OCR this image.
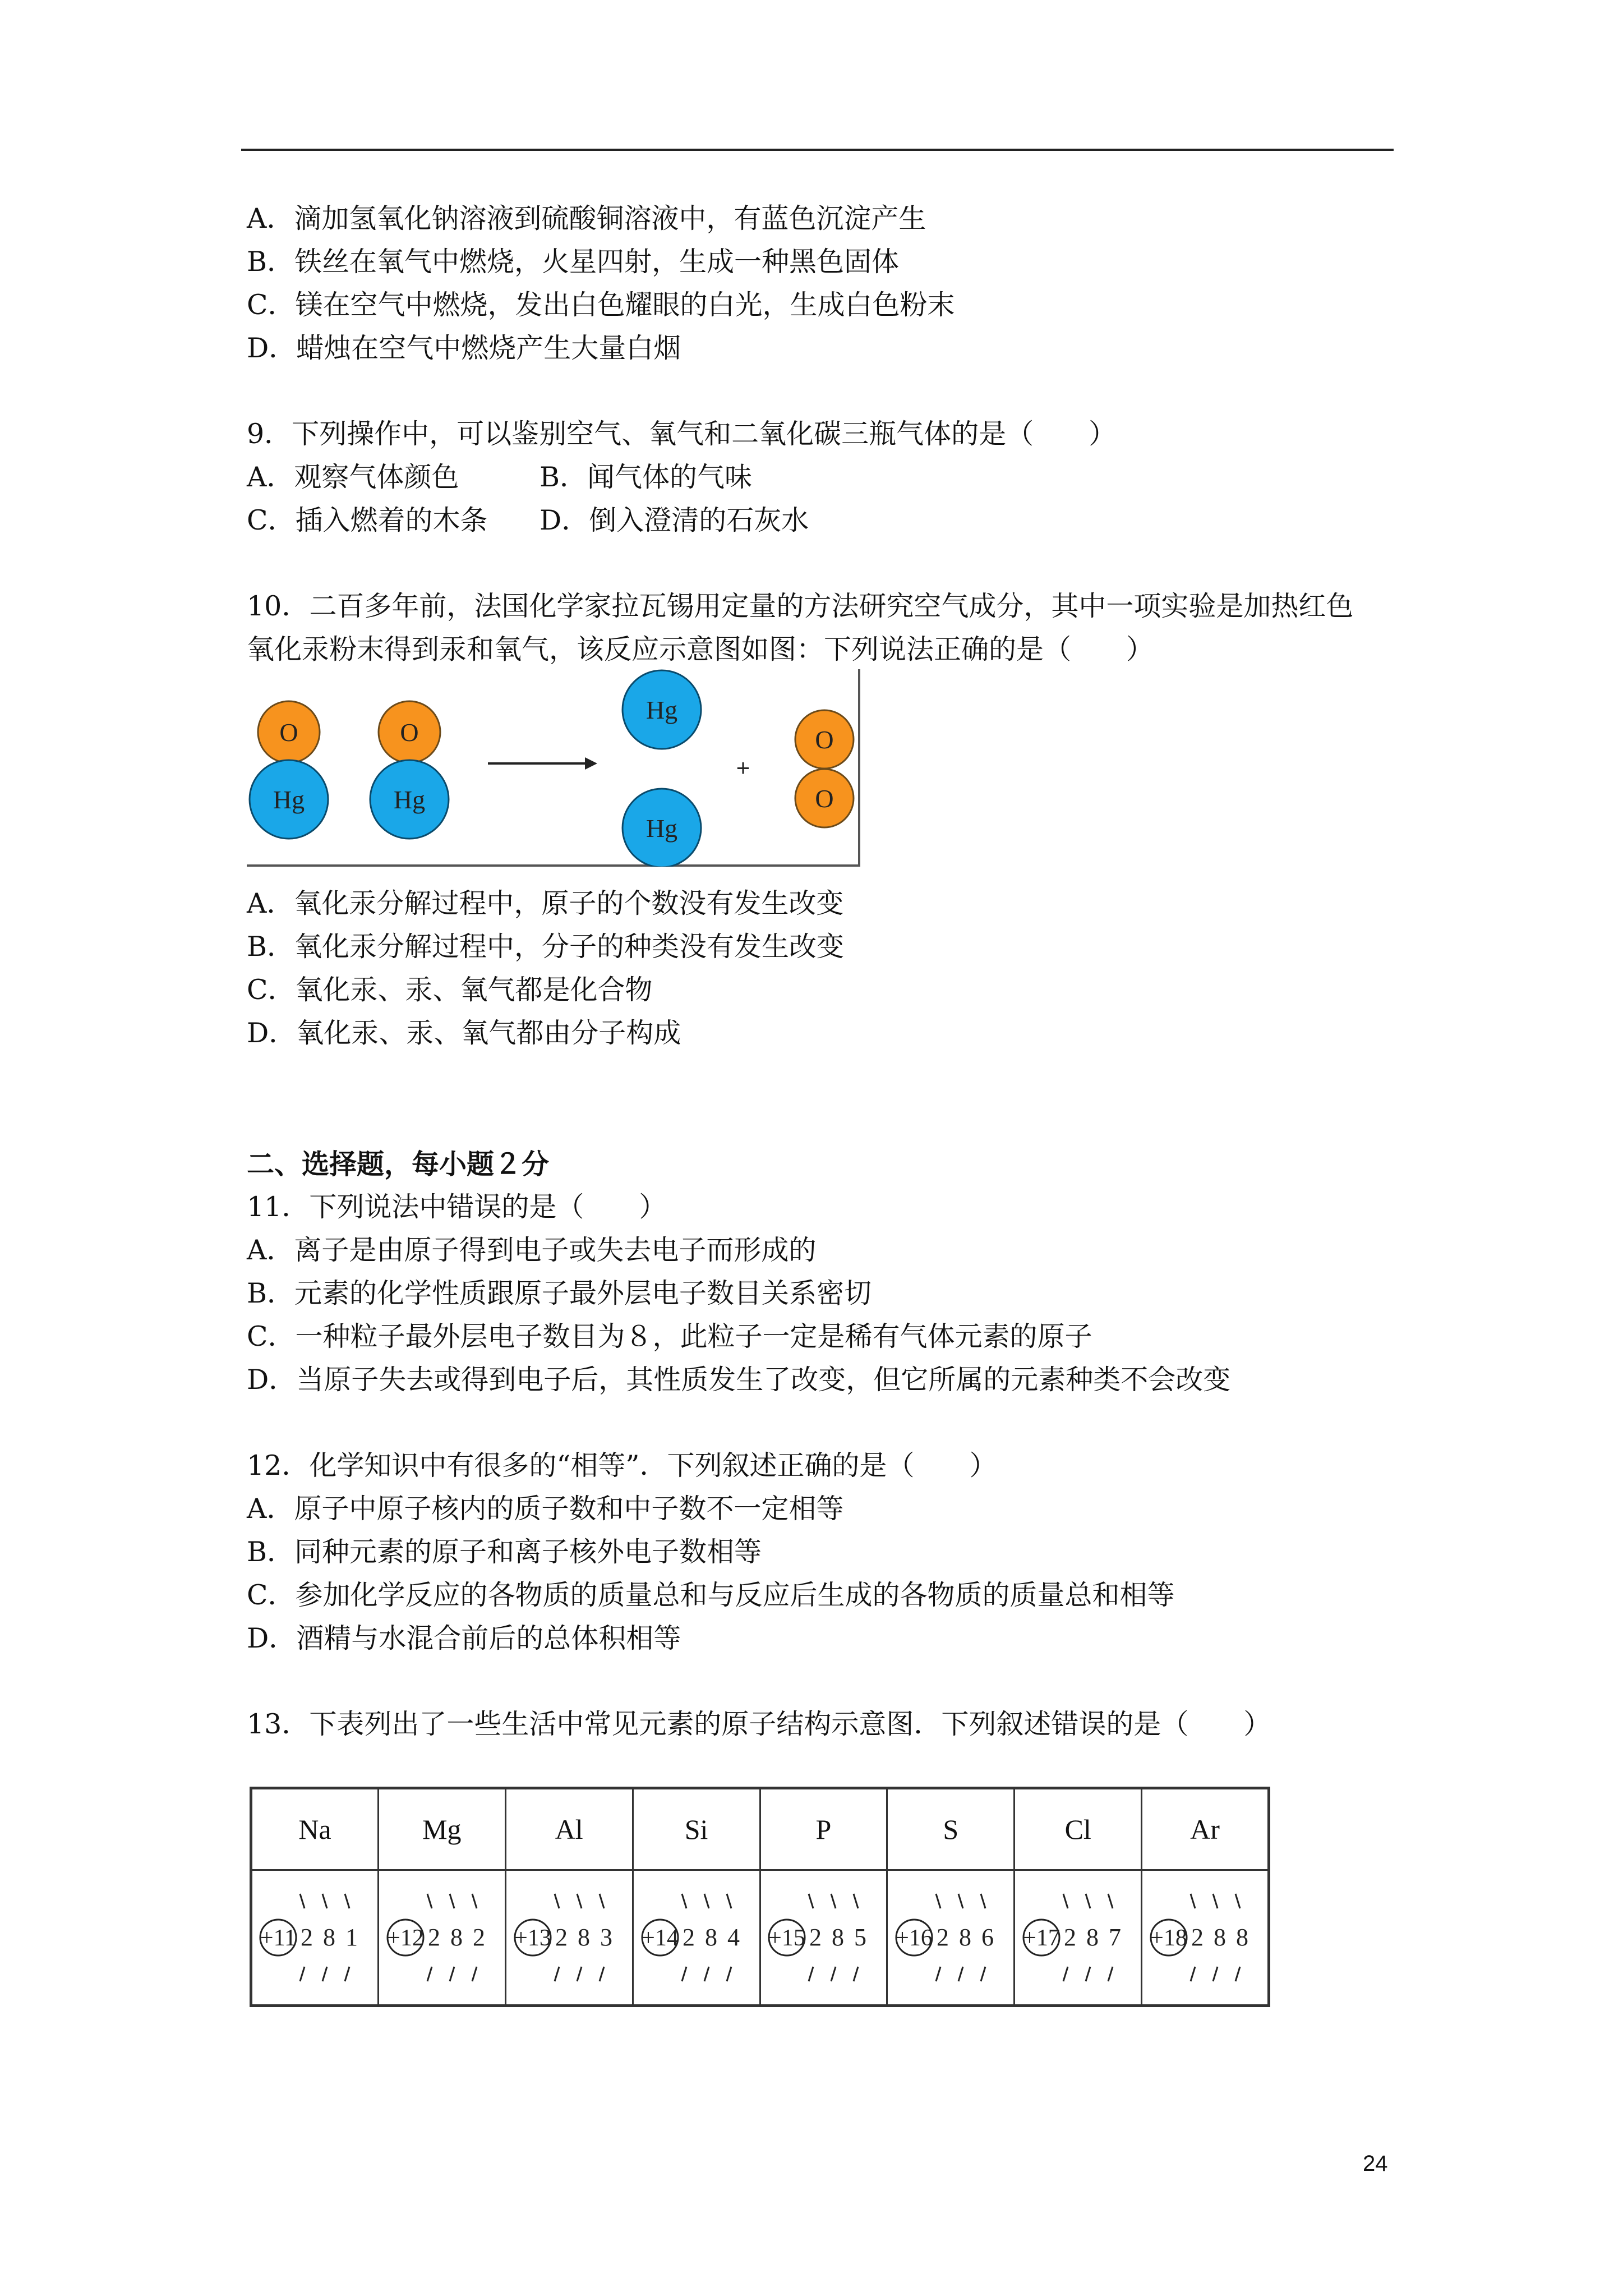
A．滴加氢氧化钠溶液到硫酸铜溶液中，有蓝色沉淀产生
B．铁丝在氧气中燃烧，火星四射，生成一种黑色固体
C．镁在空气中燃烧，发出白色耀眼的白光，生成白色粉末
D．蜡烛在空气中燃烧产生大量白烟
9．下列操作中，可以鉴别空气、氧气和二氧化碳三瓶气体的是（　　）
A．观察气体颜色	B．闻气体的气味
C．插入燃着的木条 D．倒入澄清的石灰水
10．二百多年前，法国化学家拉瓦锡用定量的方法研究空气成分，其中一项实验是加热红色
氧化汞粉末得到汞和氧气，该反应示意图如图：下列说法正确的是（　　）
O
Hg
O
Hg
Hg
Hg
+
O
O
A．氧化汞分解过程中，原子的个数没有发生改变
B．氧化汞分解过程中，分子的种类没有发生改变
C．氧化汞、汞、氧气都是化合物
D．氧化汞、汞、氧气都由分子构成
二、选择题，每小题２分
11．下列说法中错误的是（　　）
A．离子是由原子得到电子或失去电子而形成的
B．元素的化学性质跟原子最外层电子数目关系密切
C．一种粒子最外层电子数目为８，此粒子一定是稀有气体元素的原子
D．当原子失去或得到电子后，其性质发生了改变，但它所属的元素种类不会改变
12．化学知识中有很多的“相等”．下列叙述正确的是（　　）
A．原子中原子核内的质子数和中子数不一定相等
B．同种元素的原子和离子核外电子数相等
C．参加化学反应的各物质的质量总和与反应后生成的各物质的质量总和相等
D．酒精与水混合前后的总体积相等
13．下表列出了一些生活中常见元素的原子结构示意图．下列叙述错误的是（　　）
Na	Mg	Al	Si	P	S	Cl	Ar

+11 2 8 1	+12 2 8 2	+13 2 8 3	+14 2 8 4	+15 2 8 5	+16 2 8 6	+17 2 8 7	+18 2 8 8
24
